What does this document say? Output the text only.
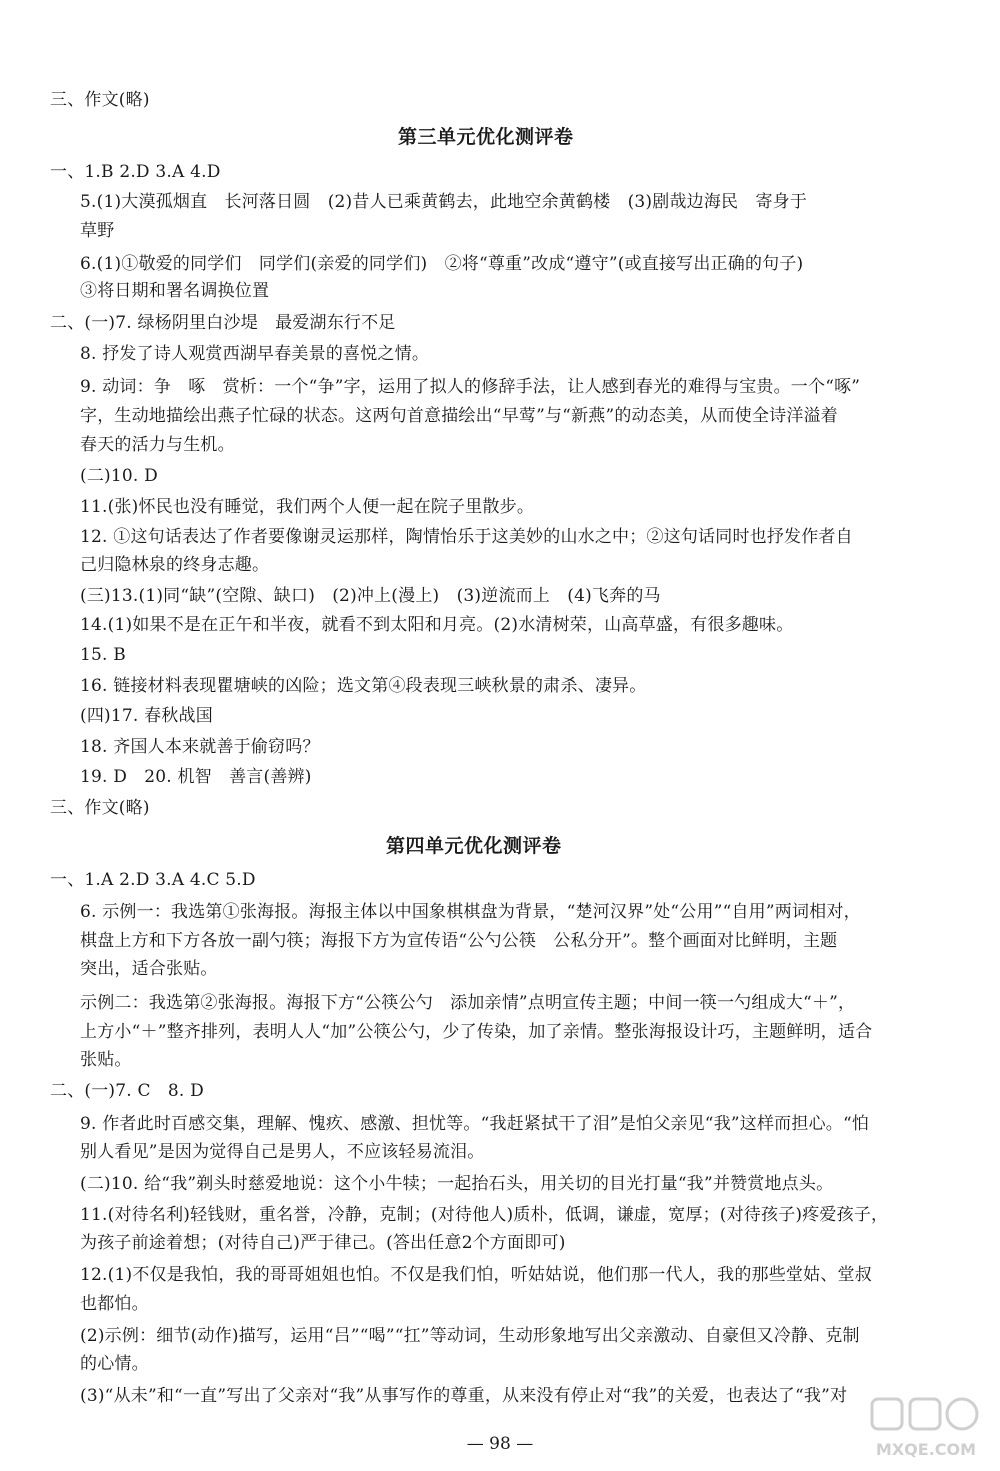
三、作文(略)
第三单元优化测评卷
一、1.B 2.D 3.A 4.D
5.(1)大漠孤烟直　长河落日圆　(2)昔人已乘黄鹤去，此地空余黄鹤楼　(3)剧哉边海民　寄身于
草野
6.(1)①敬爱的同学们　同学们(亲爱的同学们)　②将“尊重”改成“遵守”(或直接写出正确的句子)
③将日期和署名调换位置
二、(一)7. 绿杨阴里白沙堤　最爱湖东行不足
8. 抒发了诗人观赏西湖早春美景的喜悦之情。
9. 动词：争　啄　赏析：一个“争”字，运用了拟人的修辞手法，让人感到春光的难得与宝贵。一个“啄”
字，生动地描绘出燕子忙碌的状态。这两句首意描绘出“早莺”与“新燕”的动态美，从而使全诗洋溢着
春天的活力与生机。
(二)10. D
11.(张)怀民也没有睡觉，我们两个人便一起在院子里散步。
12. ①这句话表达了作者要像谢灵运那样，陶情怡乐于这美妙的山水之中；②这句话同时也抒发作者自
己归隐林泉的终身志趣。
(三)13.(1)同“缺”(空隙、缺口)　(2)冲上(漫上)　(3)逆流而上　(4)飞奔的马
14.(1)如果不是在正午和半夜，就看不到太阳和月亮。(2)水清树荣，山高草盛，有很多趣味。
15. B
16. 链接材料表现瞿塘峡的凶险；选文第④段表现三峡秋景的肃杀、凄异。
(四)17. 春秋战国
18. 齐国人本来就善于偷窃吗？
19. D　20. 机智　善言(善辨)
三、作文(略)
第四单元优化测评卷
一、1.A 2.D 3.A 4.C 5.D
6. 示例一：我选第①张海报。海报主体以中国象棋棋盘为背景，“楚河汉界”处“公用”“自用”两词相对，
棋盘上方和下方各放一副勺筷；海报下方为宣传语“公勺公筷　公私分开”。整个画面对比鲜明，主题
突出，适合张贴。
示例二：我选第②张海报。海报下方“公筷公勺　添加亲情”点明宣传主题；中间一筷一勺组成大“＋”，
上方小“＋”整齐排列，表明人人“加”公筷公勺，少了传染，加了亲情。整张海报设计巧，主题鲜明，适合
张贴。
二、(一)7. C　8. D
9. 作者此时百感交集，理解、愧疚、感激、担忧等。“我赶紧拭干了泪”是怕父亲见“我”这样而担心。“怕
别人看见”是因为觉得自己是男人，不应该轻易流泪。
(二)10. 给“我”剃头时慈爱地说：这个小牛犊；一起抬石头，用关切的目光打量“我”并赞赏地点头。
11.(对待名利)轻钱财，重名誉，冷静，克制；(对待他人)质朴，低调，谦虚，宽厚；(对待孩子)疼爱孩子，
为孩子前途着想；(对待自己)严于律己。(答出任意2个方面即可)
12.(1)不仅是我怕，我的哥哥姐姐也怕。不仅是我们怕，听姑姑说，他们那一代人，我的那些堂姑、堂叔
也都怕。
(2)示例：细节(动作)描写，运用“吕”“喝”“扛”等动词，生动形象地写出父亲激动、自豪但又冷静、克制
的心情。
(3)“从未”和“一直”写出了父亲对“我”从事写作的尊重，从来没有停止对“我”的关爱，也表达了“我”对
— 98 —	MXQE.COM
